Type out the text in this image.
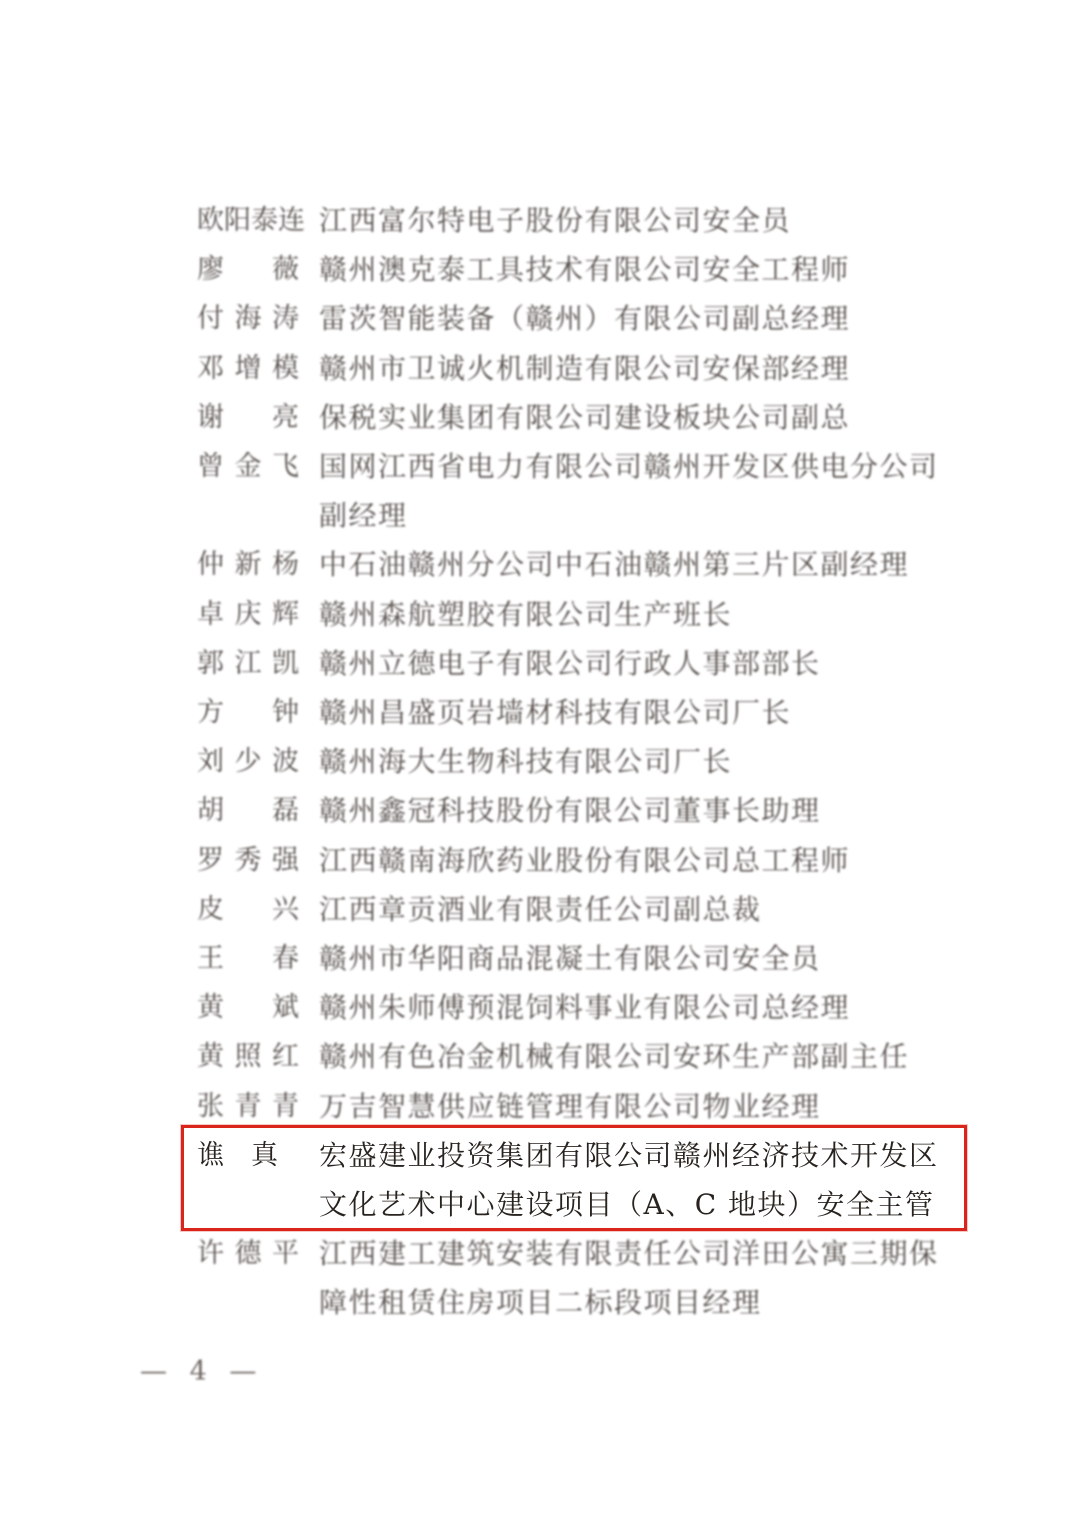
欧阳泰连 江西富尔特电子股份有限公司安全员
廖　薇 赣州澳克泰工具技术有限公司安全工程师
付海涛 雷茨智能装备（赣州）有限公司副总经理
邓增模 赣州市卫诚火机制造有限公司安保部经理
谢　亮 保税实业集团有限公司建设板块公司副总
曾金飞 国网江西省电力有限公司赣州开发区供电分公司
副经理
仲新杨 中石油赣州分公司中石油赣州第三片区副经理
卓庆辉 赣州森航塑胶有限公司生产班长
郭江凯 赣州立德电子有限公司行政人事部部长
方　钟 赣州昌盛页岩墙材科技有限公司厂长
刘少波 赣州海大生物科技有限公司厂长
胡　磊 赣州鑫冠科技股份有限公司董事长助理
罗秀强 江西赣南海欣药业股份有限公司总工程师
皮　兴 江西章贡酒业有限责任公司副总裁
王　春 赣州市华阳商品混凝土有限公司安全员
黄　斌 赣州朱师傅预混饲料事业有限公司总经理
黄照红 赣州有色冶金机械有限公司安环生产部副主任
张青青 万吉智慧供应链管理有限公司物业经理
谯　真	宏盛建业投资集团有限公司赣州经济技术开发区
文化艺术中心建设项目（A、C 地块）安全主管
许德平 江西建工建筑安装有限责任公司洋田公寓三期保
障性租赁住房项目二标段项目经理
— 4 —
